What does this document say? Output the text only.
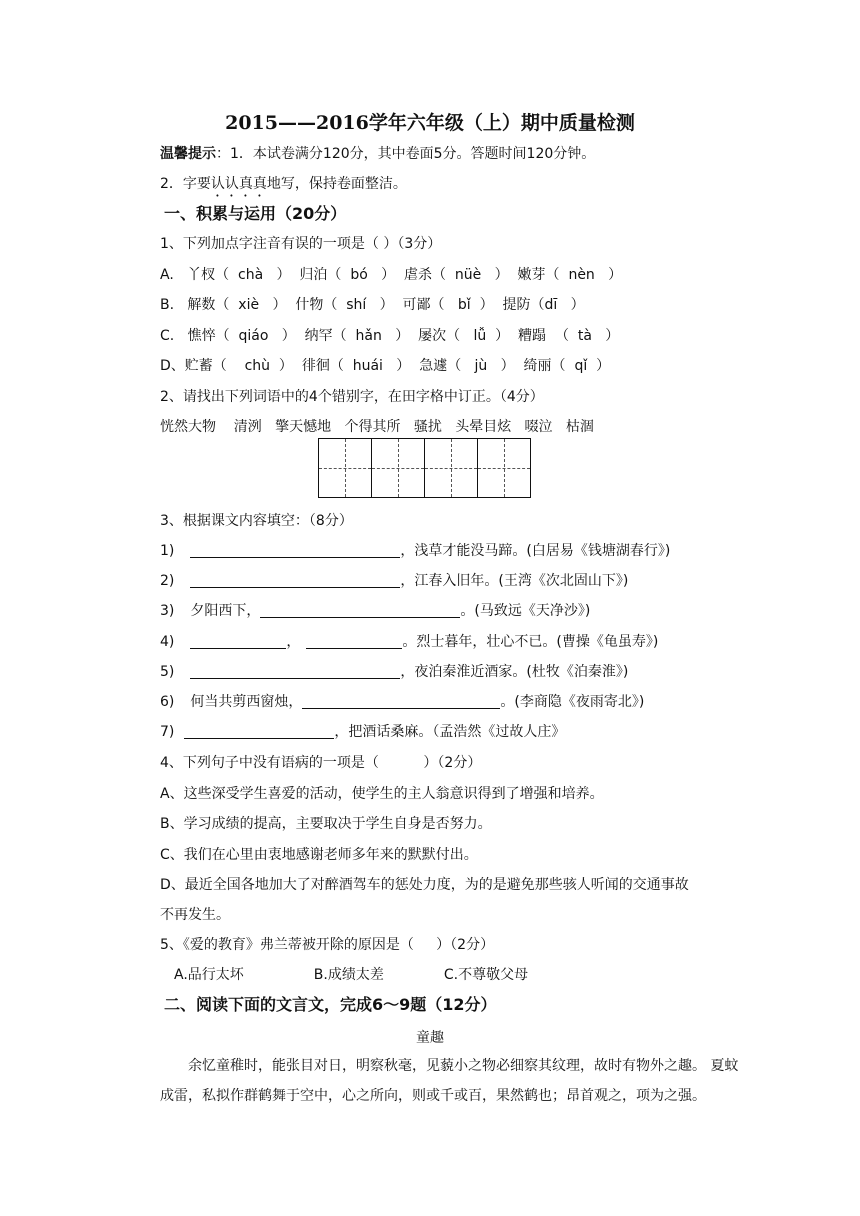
2015——2016学年六年级（上）期中质量检测
温馨提示：1．本试卷满分120分，其中卷面5分。答题时间120分钟。
2．字要认认真真地写，保持卷面整洁。
一、积累与运用（20分）
1、下列加点字注音有误的一项是（ ）（3分）
A.   丫杈（  chà   ）  归泊（  bó   ）  虐杀（  nüè   ）  嫩芽（  nèn   ）
B.   解数（  xiè   ）  什物（  shí   ）  可鄙（   bǐ  ）  提防（dī   ）
C.   憔悴（  qiáo   ）  纳罕（  hǎn   ）  屡次（   lǚ  ）  糟蹋  （  tà   ）
D、贮蓄（    chù  ）  徘徊（  huái   ）  急遽（   jù   ）  绮丽（  qǐ  ）
2、请找出下列词语中的4个错别字，在田字格中订正。（4分）
恍然大物    清洌   擎天憾地   个得其所   骚扰   头晕目炫   啜泣   枯涸
3、根据课文内容填空：（8分）
1)	，浅草才能没马蹄。(白居易《钱塘湖春行》)
2)	，江春入旧年。(王湾《次北固山下》)
3) 夕阳西下，	。(马致远《天净沙》)
4)	，	。烈士暮年，壮心不已。(曹操《龟虽寿》)
5)	，夜泊秦淮近酒家。(杜牧《泊秦淮》)
6) 何当共剪西窗烛，	。(李商隐《夜雨寄北》)
7)	，把酒话桑麻。（孟浩然《过故人庄》
4、下列句子中没有语病的一项是（          ）（2分）
A、这些深受学生喜爱的活动，使学生的主人翁意识得到了增强和培养。
B、学习成绩的提高，主要取决于学生自身是否努力。
C、我们在心里由衷地感谢老师多年来的默默付出。
D、最近全国各地加大了对醉酒驾车的惩处力度，为的是避免那些骇人听闻的交通事故
不再发生。
5、《爱的教育》弗兰蒂被开除的原因是（     ）（2分）
A.品行太坏	B.成绩太差	C.不尊敬父母
二、阅读下面的文言文，完成6～9题（12分）
童趣
余忆童稚时，能张目对日，明察秋毫，见藐小之物必细察其纹理，故时有物外之趣。 夏蚊成雷，私拟作群鹤舞于空中，心之所向，则或千或百，果然鹤也；昂首观之，项为之强。
